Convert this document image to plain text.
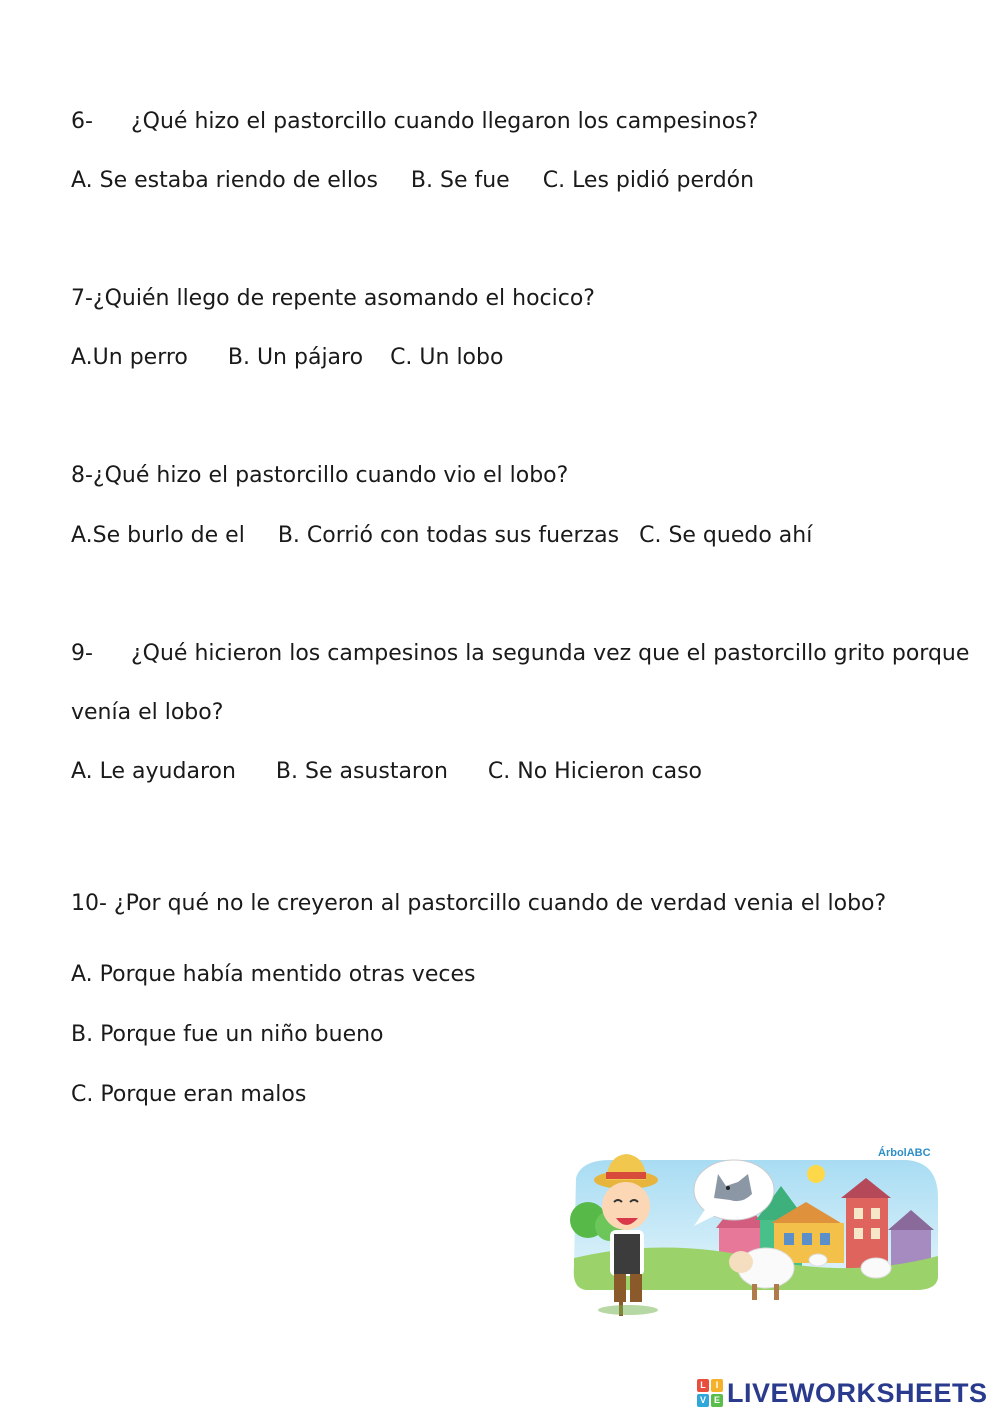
6- ¿Qué hizo el pastorcillo cuando llegaron los campesinos?
A. Se estaba riendo de ellos B. Se fue C. Les pidió perdón
7-¿Quién llego de repente asomando el hocico?
A.Un perro B. Un pájaro C. Un lobo
8-¿Qué hizo el pastorcillo cuando vio el lobo?
A.Se burlo de el B. Corrió con todas sus fuerzas C. Se quedo ahí
9- ¿Qué hicieron los campesinos la segunda vez que el pastorcillo grito porque
venía el lobo?
A. Le ayudaron B. Se asustaron C. No Hicieron caso
10- ¿Por qué no le creyeron al pastorcillo cuando de verdad venia el lobo?
A. Porque había mentido otras veces
B. Porque fue un niño bueno
C. Porque eran malos
ÁrbolABC
L	I
V E LIVEWORKSHEETS
